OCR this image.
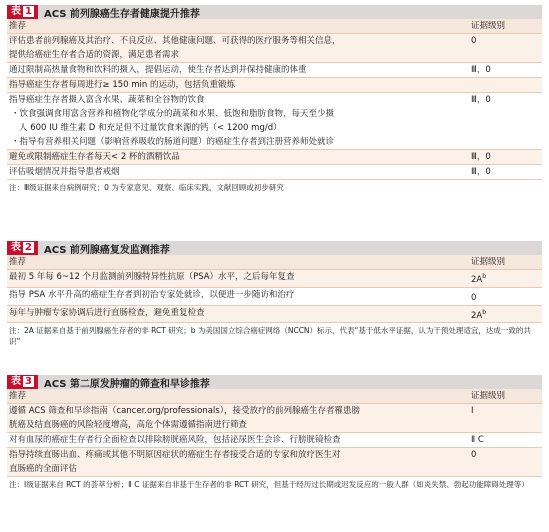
表 1	ACS 前列腺癌生存者健康提升推荐
推荐	证据级别
评估患者前列腺癌及其治疗、不良反应、其他健康问题、可获得的医疗服务等相关信息，	0
提供给癌症生存者合适的资源，满足患者需求
通过限制高热量食物和饮料的摄入，提倡运动，使生存者达到并保持健康的体重	Ⅲ，0
指导癌症生存者每周进行≥ 150 min 的运动，包括负重锻炼
指导癌症生存者摄入富含水果、蔬菜和全谷物的饮食	Ⅲ，0
・饮食强调食用富含营养和植物化学成分的蔬菜和水果、低饱和脂肪食物，每天至少摄
人 600 IU 维生素 D 和充足但不过量饮食来源的钙（< 1200 mg/d）
・指导有营养相关问题（影响营养吸收的肠道问题）的癌症生存者到注册营养师处就诊
避免或限制癌症生存者每天< 2 杯的酒精饮品	Ⅲ，0
评估吸烟情况并指导患者戒烟	Ⅲ，0
注：Ⅲ级证据来自病例研究；0 为专家意见、观察、临床实践、文献回顾或初步研究
表 2	ACS 前列腺癌复发监测推荐
推荐	证据级别
最初 5 年每 6~12 个月监测前列腺特异性抗原（PSA）水平，之后每年复查	$2A^b$
指导 PSA 水平升高的癌症生存者到初治专家处就诊，以便进一步随访和治疗	0
每年与肿瘤专家协调后进行直肠检查，避免重复检查	$2A^b$
注：2A 证据来自基于前列腺癌生存者的非 RCT 研究；b 为美国国立综合癌症网络（NCCN）标示，代表“基于低水平证据，认为干预处理适宜，达成一致的共识”
表 3	ACS 第二原发肿瘤的筛查和早诊推荐
推荐	证据级别
遵循 ACS 筛查和早诊指南（cancer.org/professionals），接受放疗的前列腺癌生存者罹患膀	Ⅰ
胱癌及结直肠癌的风险轻度增高，高危个体需遵循指南进行筛查
对有血尿的癌症生存者行全面检查以排除膀胱癌风险，包括泌尿医生会诊、行膀胱镜检查	Ⅱ C
指导持续直肠出血、疼痛或其他不明原因症状的癌症生存者接受合适的专家和放疗医生对	0
直肠癌的全面评估
注：Ⅰ级证据来自 RCT 的荟萃分析；Ⅱ C 证据来自非基于生存者的非 RCT 研究，但基于经历过长期或迟发反应的一般人群（如炎失禁、勃起功能障碍处理等）
